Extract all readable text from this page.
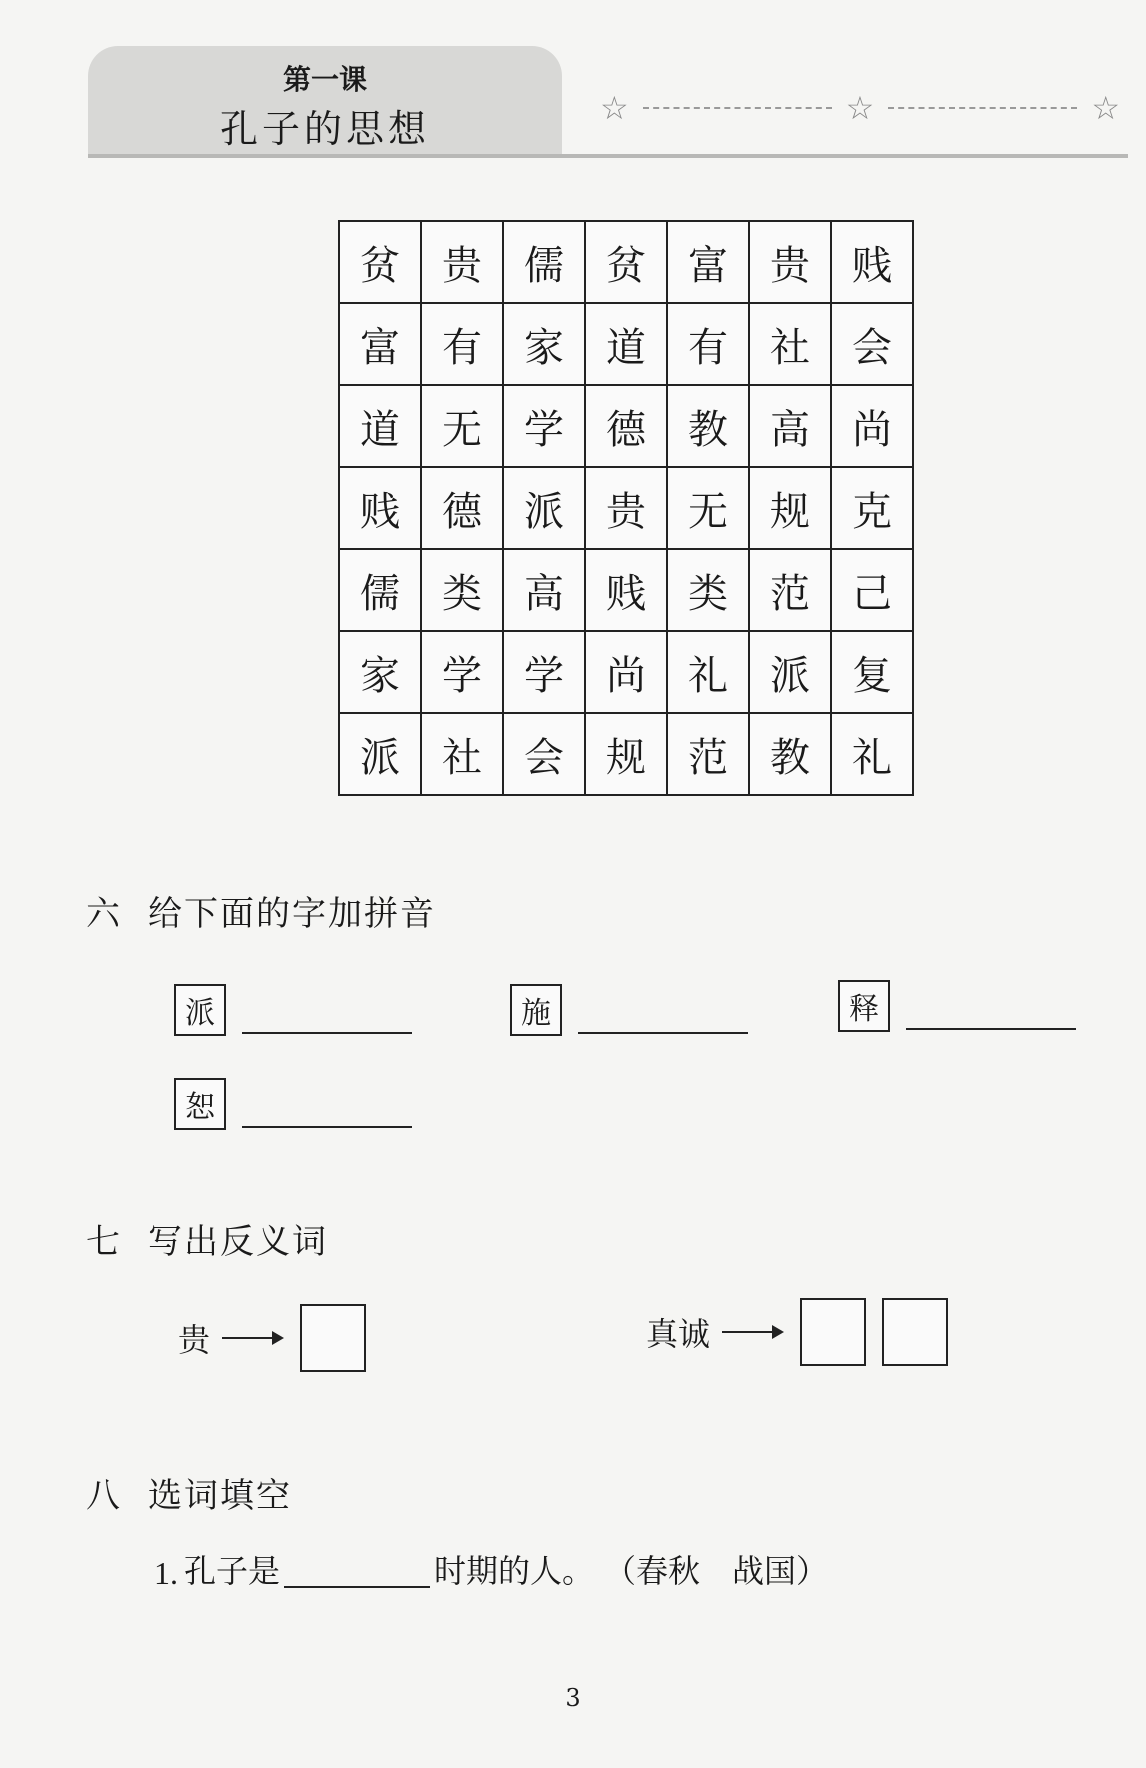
第一课
孔子的思想	☆	☆	☆
贫	贵	儒	贫	富	贵	贱
富	有	家	道	有	社	会
道	无	学	德	教	高	尚
贱	德	派	贵	无	规	克
儒	类	高	贱	类	范	己
家	学	学	尚	礼	派	复
派	社	会	规	范	教	礼
六 给下面的字加拼音
派	施	释
恕
七 写出反义词
贵	真诚
八 选词填空
1. 孔子是	时期的人。 （春秋　战国）
3
